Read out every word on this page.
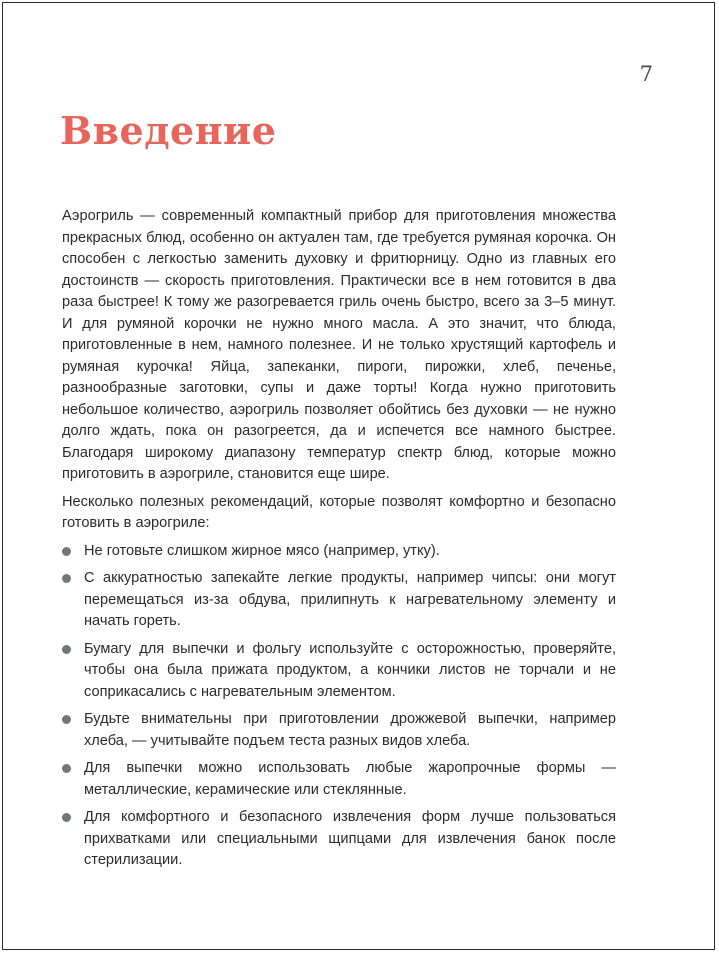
7
Введение

Аэрогриль — современный компактный прибор для приготовления множества прекрасных блюд, особенно он актуален там, где требуется румяная корочка. Он способен с легкостью заменить духовку и фритюрницу. Одно из главных его достоинств — скорость приготовления. Практически все в нем готовится в два раза быстрее! К тому же разогревается гриль очень быстро, всего за 3–5 минут. И для румяной корочки не нужно много масла. А это значит, что блюда, приготовленные в нем, намного полезнее. И не только хрустящий картофель и румяная курочка! Яйца, запеканки, пироги, пирожки, хлеб, печенье, разнообразные заготовки, супы и даже торты! Когда нужно приготовить небольшое количество, аэрогриль позволяет обойтись без духовки — не нужно долго ждать, пока он разогреется, да и испечется все намного быстрее. Благодаря широкому диапазону температур спектр блюд, которые можно приготовить в аэрогриле, становится еще шире.

Несколько полезных рекомендаций, которые позволят комфортно и безопасно готовить в аэрогриле:

Не готовьте слишком жирное мясо (например, утку).
С аккуратностью запекайте легкие продукты, например чипсы: они могут перемещаться из-за обдува, прилипнуть к нагревательному элементу и начать гореть.
Бумагу для выпечки и фольгу используйте с осторожностью, проверяйте, чтобы она была прижата продуктом, а кончики листов не торчали и не соприкасались с нагревательным элементом.
Будьте внимательны при приготовлении дрожжевой выпечки, например хлеба, — учитывайте подъем теста разных видов хлеба.
Для выпечки можно использовать любые жаропрочные формы — металлические, керамические или стеклянные.
Для комфортного и безопасного извлечения форм лучше пользоваться прихватками или специальными щипцами для извлечения банок после стерилизации.
